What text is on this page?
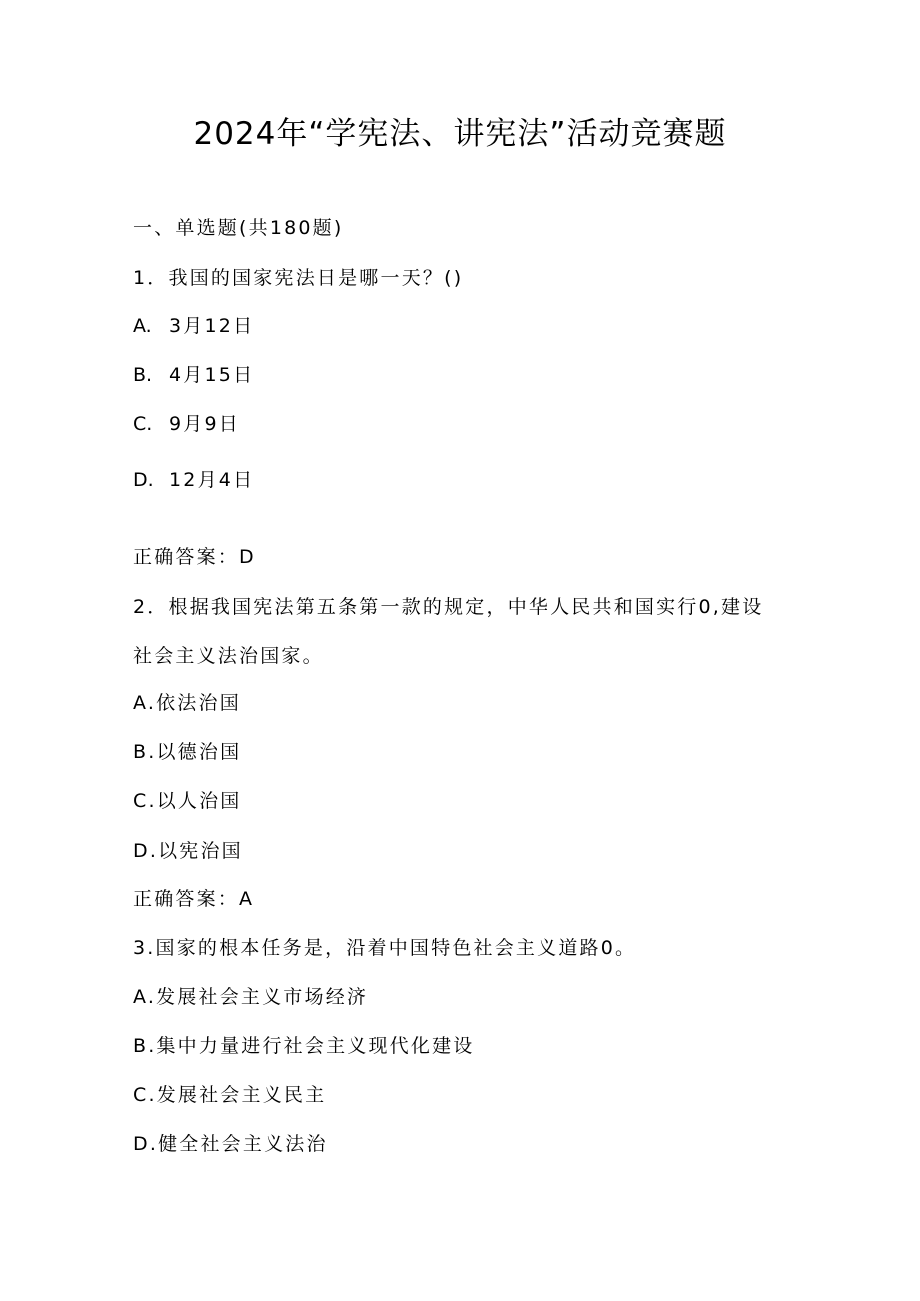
2024年“学宪法、讲宪法”活动竞赛题
一、单选题(共180题)
1．我国的国家宪法日是哪一天？()
A. 3月12日
B. 4月15日
C. 9月9日
D. 12月4日
正确答案：D
2．根据我国宪法第五条第一款的规定，中华人民共和国实行0,建设
社会主义法治国家。
A.依法治国
B.以德治国
C.以人治国
D.以宪治国
正确答案：A
3.国家的根本任务是，沿着中国特色社会主义道路0。
A.发展社会主义市场经济
B.集中力量进行社会主义现代化建设
C.发展社会主义民主
D.健全社会主义法治
